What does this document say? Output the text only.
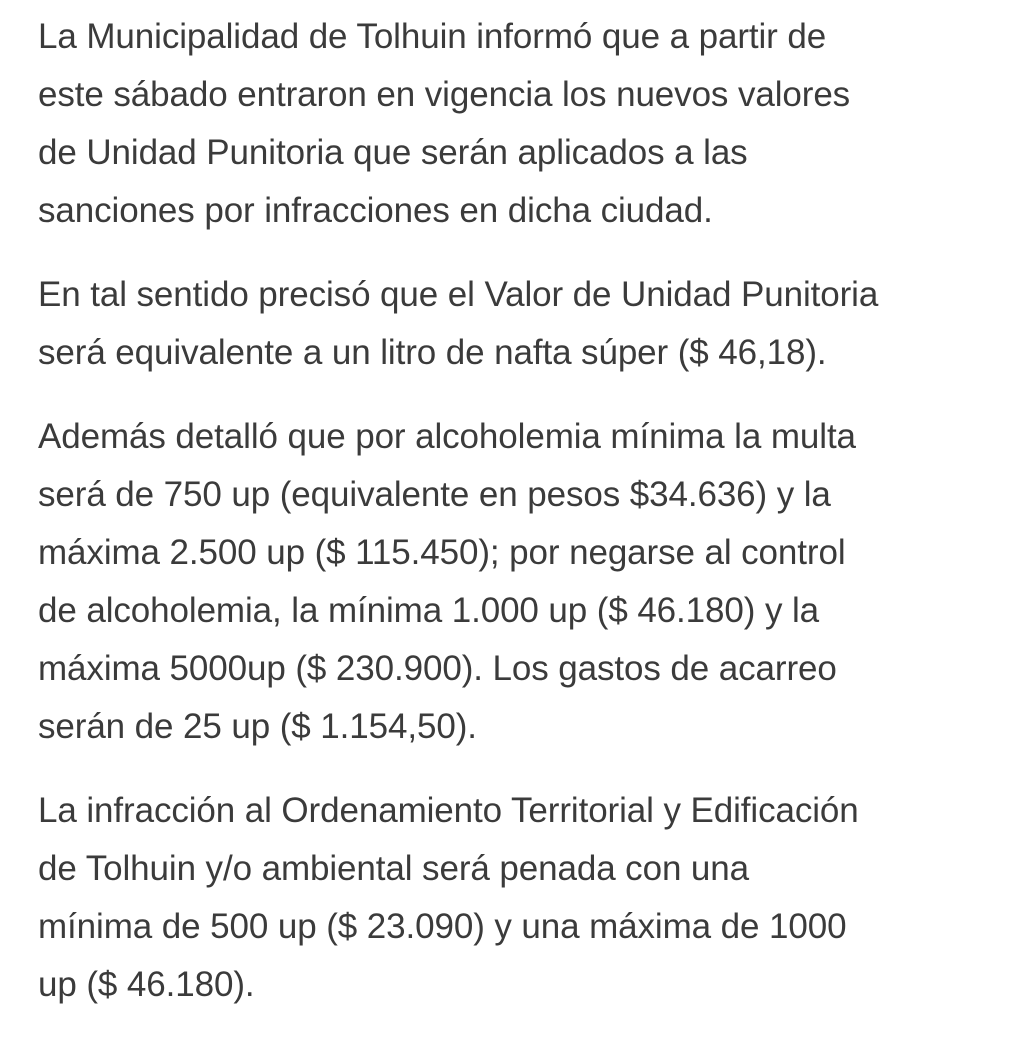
La Municipalidad de Tolhuin informó que a partir de
este sábado entraron en vigencia los nuevos valores
de Unidad Punitoria que serán aplicados a las
sanciones por infracciones en dicha ciudad.
En tal sentido precisó que el Valor de Unidad Punitoria
será equivalente a un litro de nafta súper ($ 46,18).
Además detalló que por alcoholemia mínima la multa
será de 750 up (equivalente en pesos $34.636) y la
máxima 2.500 up ($ 115.450); por negarse al control
de alcoholemia, la mínima 1.000 up ($ 46.180) y la
máxima 5000up ($ 230.900). Los gastos de acarreo
serán de 25 up ($ 1.154,50).
La infracción al Ordenamiento Territorial y Edificación
de Tolhuin y/o ambiental será penada con una
mínima de 500 up ($ 23.090) y una máxima de 1000
up ($ 46.180).
